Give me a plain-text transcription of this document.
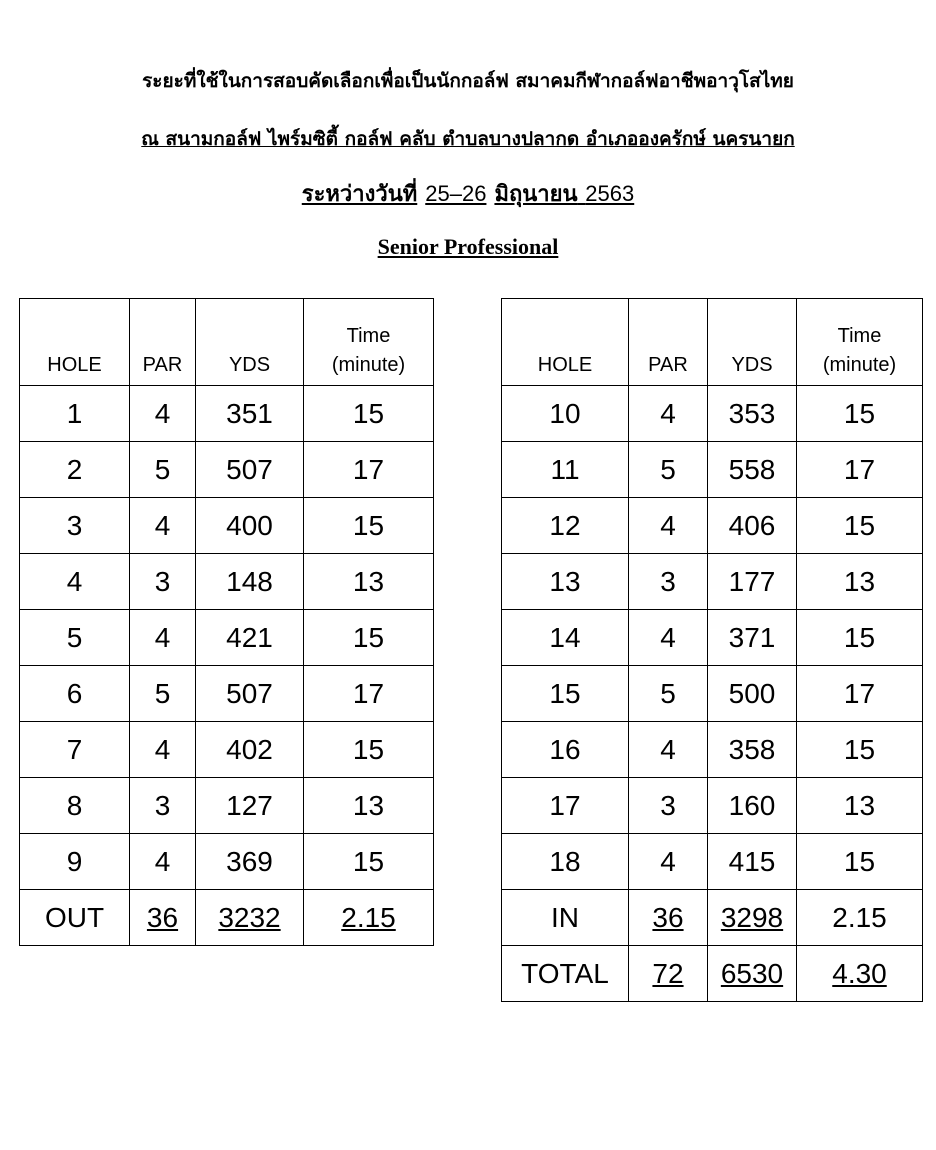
ระยะที่ใช้ในการสอบคัดเลือกเพื่อเป็นนักกอล์ฟ สมาคมกีฬากอล์ฟอาชีพอาวุโสไทย

ณ สนามกอล์ฟ ไพร์มซิตี้ กอล์ฟ คลับ ตำบลบางปลากด อำเภอองครักษ์ นครนายก

ระหว่างวันที่ 25–26 มิถุนายน 2563

Senior Professional

HOLE	PAR	YDS	Time
(minute)
1	4	351	15
2	5	507	17
3	4	400	15
4	3	148	13
5	4	421	15
6	5	507	17
7	4	402	15
8	3	127	13
9	4	369	15
OUT	36	3232	2.15
HOLE	PAR	YDS	Time
(minute)
10	4	353	15
11	5	558	17
12	4	406	15
13	3	177	13
14	4	371	15
15	5	500	17
16	4	358	15
17	3	160	13
18	4	415	15
IN	36	3298	2.15
TOTAL	72	6530	4.30
